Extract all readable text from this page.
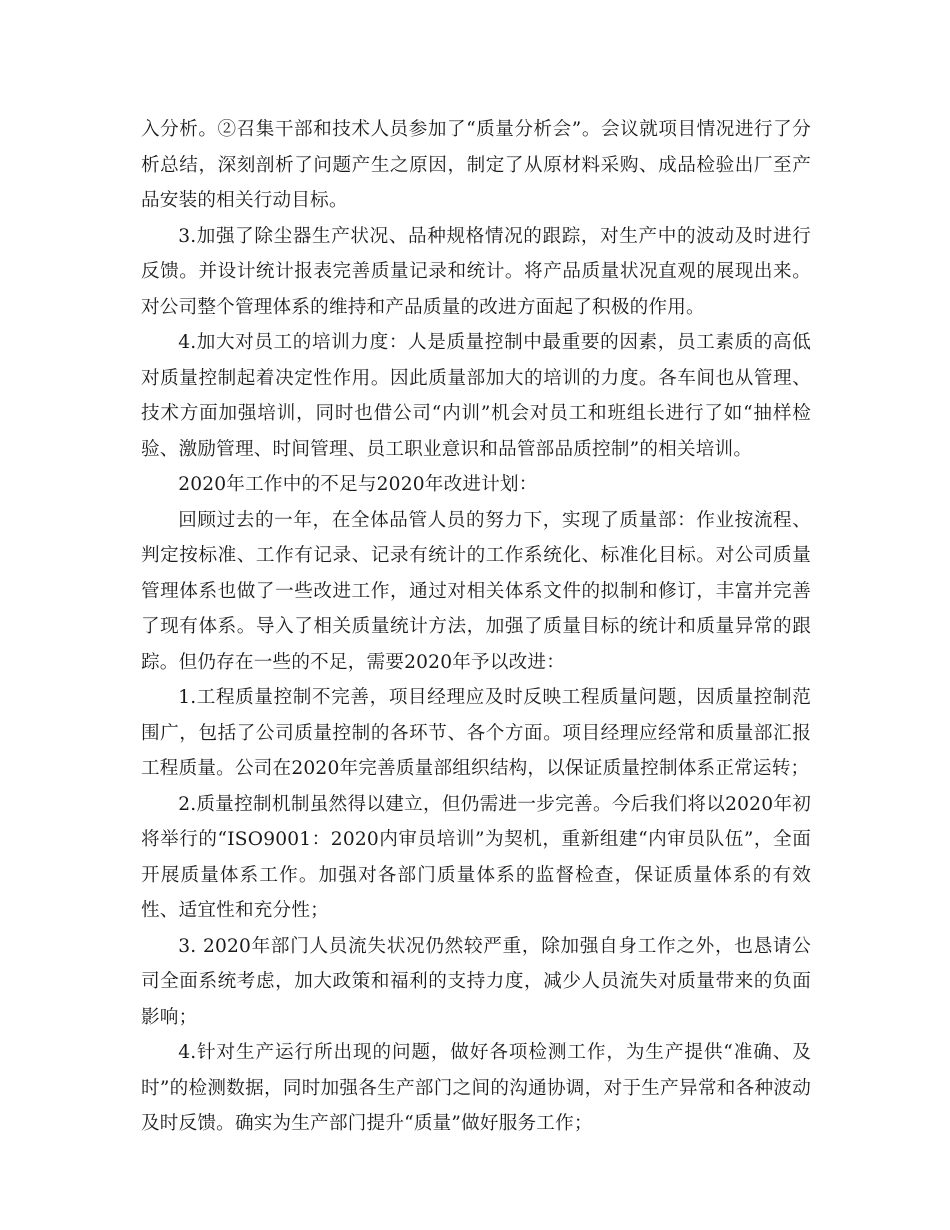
入分析。②召集干部和技术人员参加了“质量分析会”。会议就项目情况进行了分析总结，深刻剖析了问题产生之原因，制定了从原材料采购、成品检验出厂至产品安装的相关行动目标。

3.加强了除尘器生产状况、品种规格情况的跟踪，对生产中的波动及时进行反馈。并设计统计报表完善质量记录和统计。将产品质量状况直观的展现出来。对公司整个管理体系的维持和产品质量的改进方面起了积极的作用。

4.加大对员工的培训力度：人是质量控制中最重要的因素，员工素质的高低对质量控制起着决定性作用。因此质量部加大的培训的力度。各车间也从管理、技术方面加强培训，同时也借公司“内训”机会对员工和班组长进行了如“抽样检验、激励管理、时间管理、员工职业意识和品管部品质控制”的相关培训。

2020年工作中的不足与2020年改进计划：

回顾过去的一年，在全体品管人员的努力下，实现了质量部：作业按流程、判定按标准、工作有记录、记录有统计的工作系统化、标准化目标。对公司质量管理体系也做了一些改进工作，通过对相关体系文件的拟制和修订，丰富并完善了现有体系。导入了相关质量统计方法，加强了质量目标的统计和质量异常的跟踪。但仍存在一些的不足，需要2020年予以改进：

1.工程质量控制不完善，项目经理应及时反映工程质量问题，因质量控制范围广，包括了公司质量控制的各环节、各个方面。项目经理应经常和质量部汇报工程质量。公司在2020年完善质量部组织结构，以保证质量控制体系正常运转；

2.质量控制机制虽然得以建立，但仍需进一步完善。今后我们将以2020年初将举行的“ISO9001：2020内审员培训”为契机，重新组建“内审员队伍”，全面开展质量体系工作。加强对各部门质量体系的监督检查，保证质量体系的有效性、适宜性和充分性；

3. 2020年部门人员流失状况仍然较严重，除加强自身工作之外，也恳请公司全面系统考虑，加大政策和福利的支持力度，减少人员流失对质量带来的负面影响；

4.针对生产运行所出现的问题，做好各项检测工作，为生产提供“准确、及时”的检测数据，同时加强各生产部门之间的沟通协调，对于生产异常和各种波动及时反馈。确实为生产部门提升“质量”做好服务工作；
